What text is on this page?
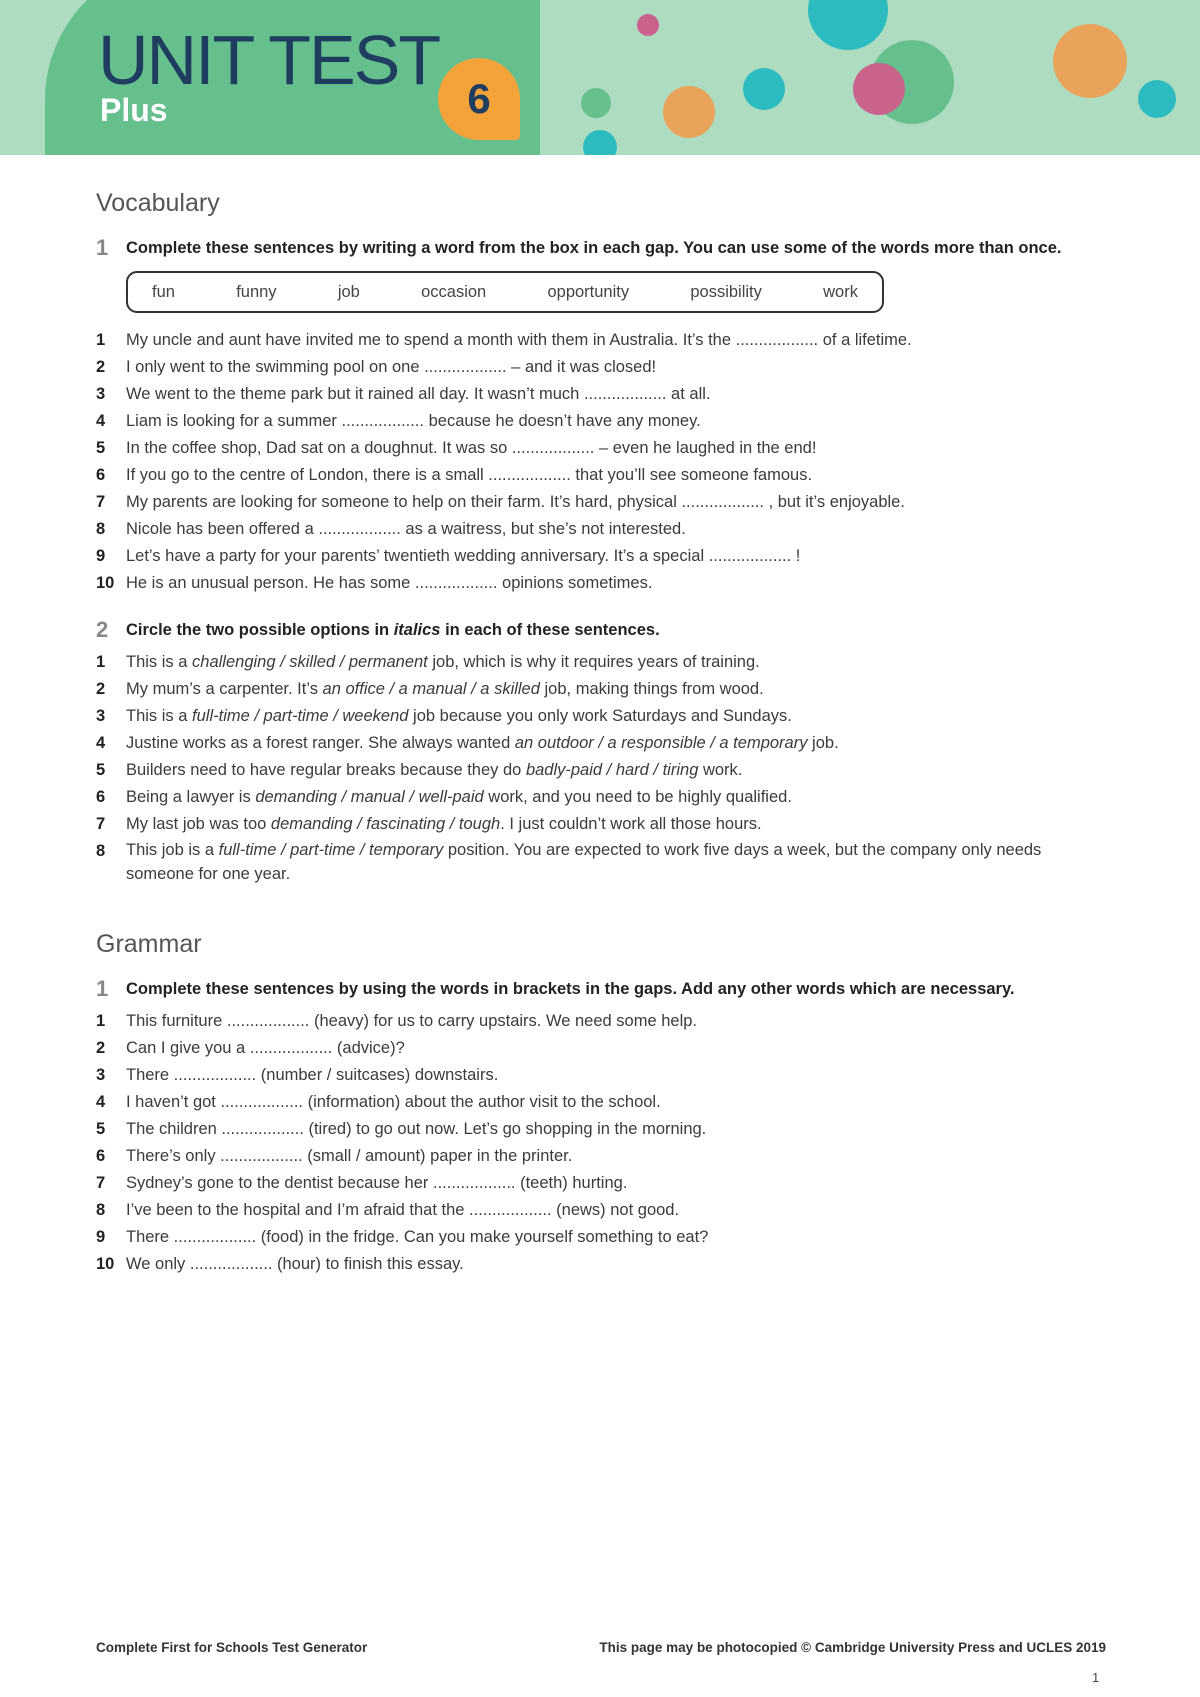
UNIT TEST
Plus	6
Vocabulary
1	Complete these sentences by writing a word from the box in each gap. You can use some of the words more than once.
fun	funny	job	occasion	opportunity	possibility	work
1	My uncle and aunt have invited me to spend a month with them in Australia. It’s the .................. of a lifetime.
2	I only went to the swimming pool on one .................. – and it was closed!
3	We went to the theme park but it rained all day. It wasn’t much .................. at all.
4	Liam is looking for a summer .................. because he doesn’t have any money.
5	In the coffee shop, Dad sat on a doughnut. It was so .................. – even he laughed in the end!
6	If you go to the centre of London, there is a small .................. that you’ll see someone famous.
7	My parents are looking for someone to help on their farm. It’s hard, physical .................. , but it’s enjoyable.
8	Nicole has been offered a .................. as a waitress, but she’s not interested.
9	Let’s have a party for your parents’ twentieth wedding anniversary. It’s a special .................. !
10 He is an unusual person. He has some .................. opinions sometimes.
2	Circle the two possible options in italics in each of these sentences.
1	This is a challenging / skilled / permanent job, which is why it requires years of training.
2	My mum’s a carpenter. It’s an office / a manual / a skilled job, making things from wood.
3	This is a full-time / part-time / weekend job because you only work Saturdays and Sundays.
4	Justine works as a forest ranger. She always wanted an outdoor / a responsible / a temporary job.
5	Builders need to have regular breaks because they do badly-paid / hard / tiring work.
6	Being a lawyer is demanding / manual / well-paid work, and you need to be highly qualified.
7	My last job was too demanding / fascinating / tough. I just couldn’t work all those hours.
8	This job is a full-time / part-time / temporary position. You are expected to work five days a week, but the company only needs someone for one year.
Grammar
1	Complete these sentences by using the words in brackets in the gaps. Add any other words which are necessary.
1	This furniture .................. (heavy) for us to carry upstairs. We need some help.
2	Can I give you a .................. (advice)?
3	There .................. (number / suitcases) downstairs.
4	I haven’t got .................. (information) about the author visit to the school.
5	The children .................. (tired) to go out now. Let’s go shopping in the morning.
6	There’s only .................. (small / amount) paper in the printer.
7	Sydney’s gone to the dentist because her .................. (teeth) hurting.
8	I’ve been to the hospital and I’m afraid that the .................. (news) not good.
9	There .................. (food) in the fridge. Can you make yourself something to eat?
10 We only .................. (hour) to finish this essay.
Complete First for Schools Test Generator	This page may be photocopied © Cambridge University Press and UCLES 2019
1
